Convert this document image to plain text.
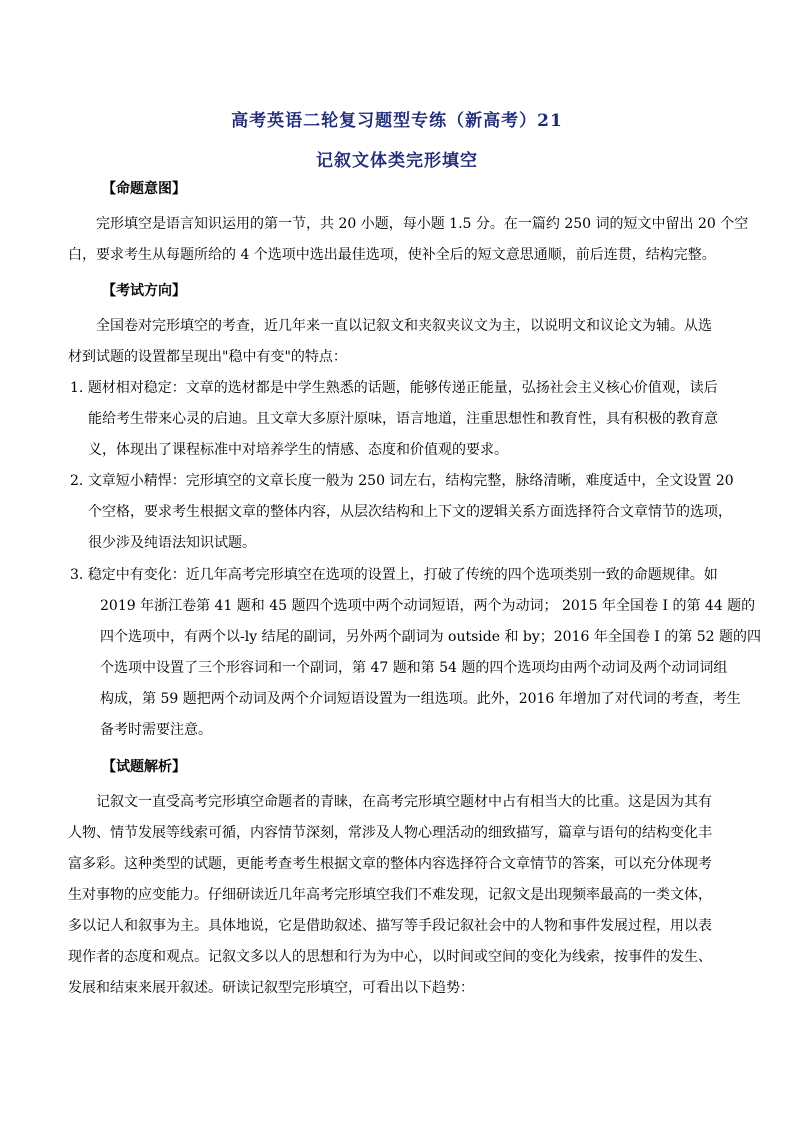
高考英语二轮复习题型专练（新高考）21
记叙文体类完形填空
【命题意图】
完形填空是语言知识运用的第一节，共 20 小题，每小题 1.5 分。在一篇约 250 词的短文中留出 20 个空
白，要求考生从每题所给的 4 个选项中选出最佳选项，使补全后的短文意思通顺，前后连贯，结构完整。
【考试方向】
全国卷对完形填空的考查，近几年来一直以记叙文和夹叙夹议文为主，以说明文和议论文为辅。从选
材到试题的设置都呈现出"稳中有变"的特点：
1. 题材相对稳定：文章的选材都是中学生熟悉的话题，能够传递正能量，弘扬社会主义核心价值观，读后
能给考生带来心灵的启迪。且文章大多原汁原味，语言地道，注重思想性和教育性，具有积极的教育意
义，体现出了课程标准中对培养学生的情感、态度和价值观的要求。
2. 文章短小精悍：完形填空的文章长度一般为 250 词左右，结构完整，脉络清晰，难度适中，全文设置 20
个空格，要求考生根据文章的整体内容，从层次结构和上下文的逻辑关系方面选择符合文章情节的选项，
很少涉及纯语法知识试题。
3. 稳定中有变化：近几年高考完形填空在选项的设置上，打破了传统的四个选项类别一致的命题规律。如
2019 年浙江卷第 41 题和 45 题四个选项中两个动词短语，两个为动词； 2015 年全国卷 I 的第 44 题的
四个选项中，有两个以-ly 结尾的副词，另外两个副词为 outside 和 by；2016 年全国卷 I 的第 52 题的四
个选项中设置了三个形容词和一个副词，第 47 题和第 54 题的四个选项均由两个动词及两个动词词组
构成，第 59 题把两个动词及两个介词短语设置为一组选项。此外，2016 年增加了对代词的考查，考生
备考时需要注意。
【试题解析】
记叙文一直受高考完形填空命题者的青睐，在高考完形填空题材中占有相当大的比重。这是因为其有
人物、情节发展等线索可循，内容情节深刻，常涉及人物心理活动的细致描写，篇章与语句的结构变化丰
富多彩。这种类型的试题，更能考查考生根据文章的整体内容选择符合文章情节的答案，可以充分体现考
生对事物的应变能力。仔细研读近几年高考完形填空我们不难发现，记叙文是出现频率最高的一类文体，
多以记人和叙事为主。具体地说，它是借助叙述、描写等手段记叙社会中的人物和事件发展过程，用以表
现作者的态度和观点。记叙文多以人的思想和行为为中心，以时间或空间的变化为线索，按事件的发生、
发展和结束来展开叙述。研读记叙型完形填空，可看出以下趋势：
